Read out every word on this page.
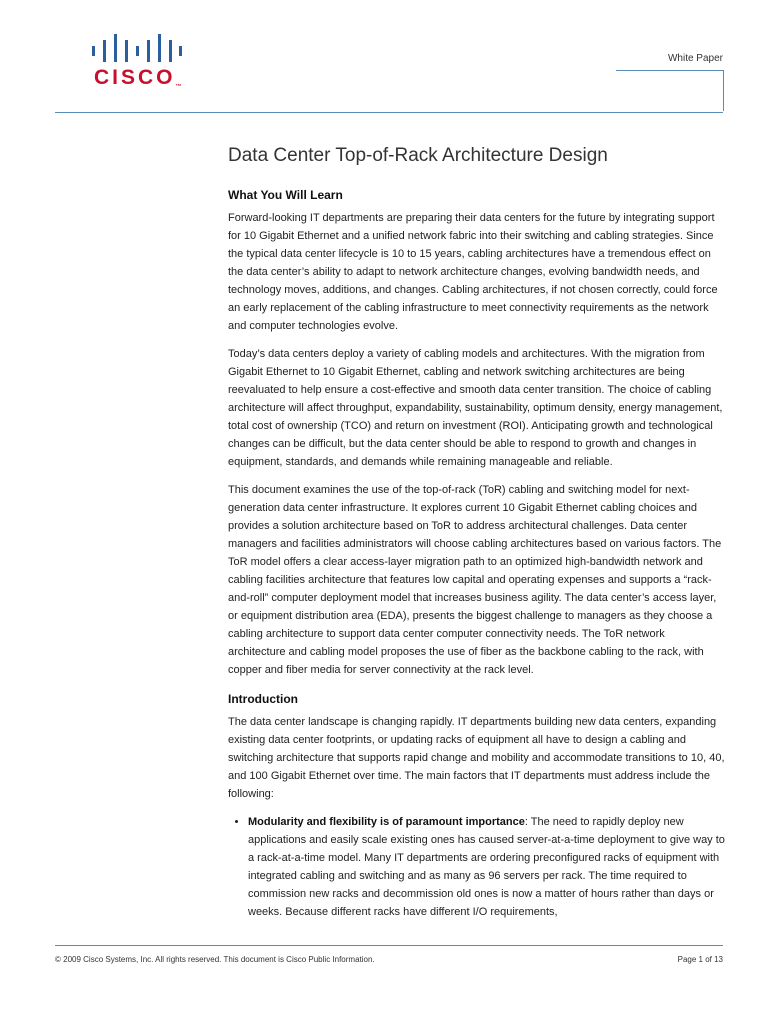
CISCO™
White Paper
Data Center Top-of-Rack Architecture Design
What You Will Learn

Forward-looking IT departments are preparing their data centers for the future by integrating support for 10 Gigabit Ethernet and a unified network fabric into their switching and cabling strategies. Since the typical data center lifecycle is 10 to 15 years, cabling architectures have a tremendous effect on the data center’s ability to adapt to network architecture changes, evolving bandwidth needs, and technology moves, additions, and changes. Cabling architectures, if not chosen correctly, could force an early replacement of the cabling infrastructure to meet connectivity requirements as the network and computer technologies evolve.

Today’s data centers deploy a variety of cabling models and architectures. With the migration from Gigabit Ethernet to 10 Gigabit Ethernet, cabling and network switching architectures are being reevaluated to help ensure a cost-effective and smooth data center transition. The choice of cabling architecture will affect throughput, expandability, sustainability, optimum density, energy management, total cost of ownership (TCO) and return on investment (ROI). Anticipating growth and technological changes can be difficult, but the data center should be able to respond to growth and changes in equipment, standards, and demands while remaining manageable and reliable.

This document examines the use of the top-of-rack (ToR) cabling and switching model for next-generation data center infrastructure. It explores current 10 Gigabit Ethernet cabling choices and provides a solution architecture based on ToR to address architectural challenges. Data center managers and facilities administrators will choose cabling architectures based on various factors. The ToR model offers a clear access-layer migration path to an optimized high-bandwidth network and cabling facilities architecture that features low capital and operating expenses and supports a “rack-and-roll” computer deployment model that increases business agility. The data center’s access layer, or equipment distribution area (EDA), presents the biggest challenge to managers as they choose a cabling architecture to support data center computer connectivity needs. The ToR network architecture and cabling model proposes the use of fiber as the backbone cabling to the rack, with copper and fiber media for server connectivity at the rack level.

Introduction

The data center landscape is changing rapidly. IT departments building new data centers, expanding existing data center footprints, or updating racks of equipment all have to design a cabling and switching architecture that supports rapid change and mobility and accommodate transitions to 10, 40, and 100 Gigabit Ethernet over time. The main factors that IT departments must address include the following:

• Modularity and flexibility is of paramount importance: The need to rapidly deploy new applications and easily scale existing ones has caused server-at-a-time deployment to give way to a rack-at-a-time model. Many IT departments are ordering preconfigured racks of equipment with integrated cabling and switching and as many as 96 servers per rack. The time required to commission new racks and decommission old ones is now a matter of hours rather than days or weeks. Because different racks have different I/O requirements,
© 2009 Cisco Systems, Inc. All rights reserved. This document is Cisco Public Information.	Page 1 of 13
